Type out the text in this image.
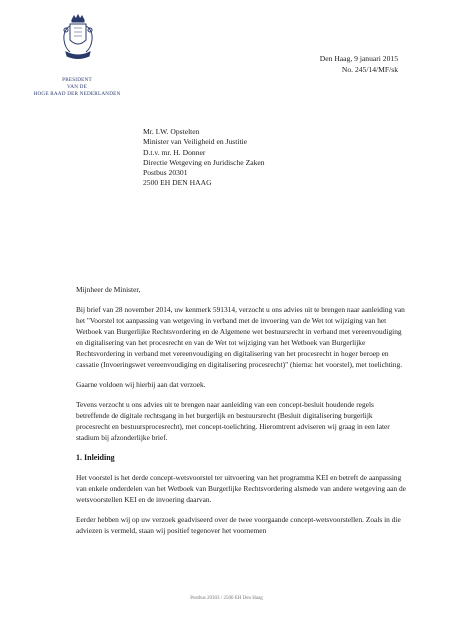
PRESIDENT
VAN DE
HOGE RAAD DER NEDERLANDEN
Den Haag, 9 januari 2015
No. 245/14/MF/sk
Mr. I.W. Opstelten
Minister van Veiligheid en Justitie
D.t.v. mr. H. Donner
Directie Wetgeving en Juridische Zaken
Postbus 20301
2500 EH DEN HAAG

Mijnheer de Minister,

Bij brief van 28 november 2014, uw kenmerk 591314, verzocht u ons advies uit te brengen naar aanleiding van het "Voorstel tot aanpassing van wetgeving in verband met de invoering van de Wet tot wijziging van het Wetboek van Burgerlijke Rechtsvordering en de Algemene wet bestuursrecht in verband met vereenvoudiging en digitalisering van het procesrecht en van de Wet tot wijziging van het Wetboek van Burgerlijke Rechtsvordering in verband met vereenvoudiging en digitalisering van het procesrecht in hoger beroep en cassatie (Invoeringswet vereenvoudiging en digitalisering procesrecht)" (hierna: het voorstel), met toelichting.

Gaarne voldoen wij hierbij aan dat verzoek.

Tevens verzocht u ons advies uit te brengen naar aanleiding van een concept-besluit houdende regels betreffende de digitale rechtsgang in het burgerlijk en bestuursrecht (Besluit digitalisering burgerlijk procesrecht en bestuursprocesrecht), met concept-toelichting. Hieromtrent adviseren wij graag in een later stadium bij afzonderlijke brief.

1. Inleiding

Het voorstel is het derde concept-wetsvoorstel ter uitvoering van het programma KEI en betreft de aanpassing van enkele onderdelen van het Wetboek van Burgerlijke Rechtsvordering alsmede van andere wetgeving aan de wetsvoorstellen KEI en de invoering daarvan.

Eerder hebben wij op uw verzoek geadviseerd over de twee voorgaande concept-wetsvoorstellen. Zoals in die adviezen is vermeld, staan wij positief tegenover het voornemen

Postbus 20303 / 2500 EH Den Haag
